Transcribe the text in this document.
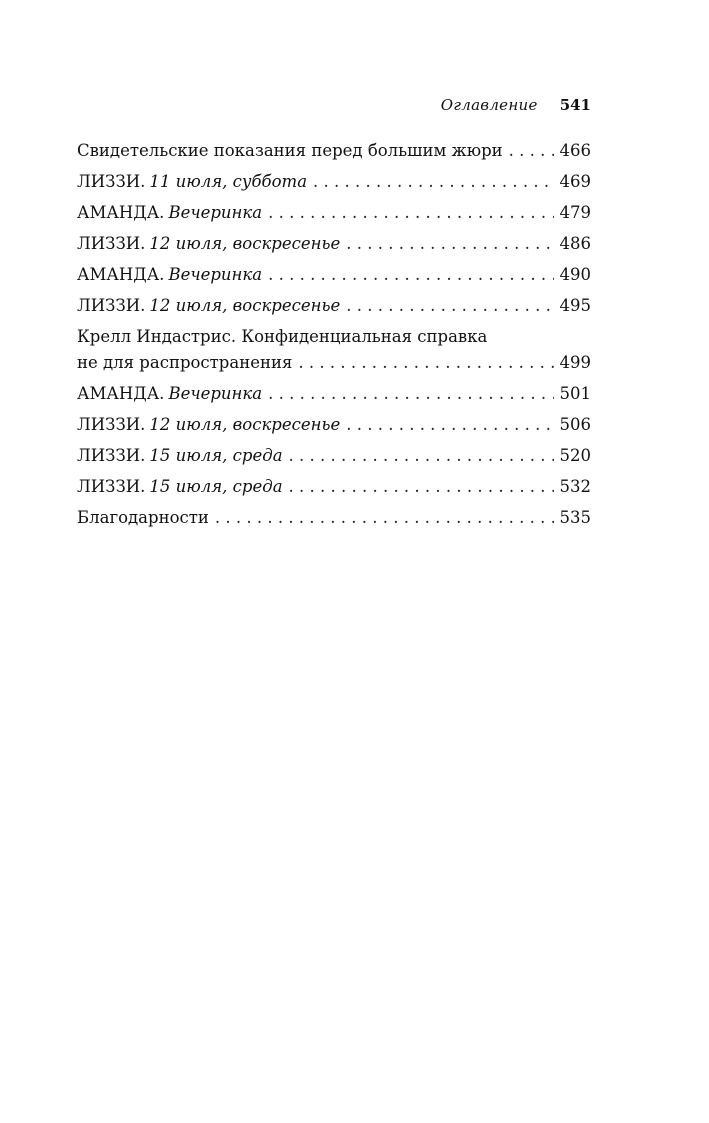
Оглавление 541
Свидетельские показания перед большим жюри . . .	466
ЛИЗЗИ. 11 июля, суббота . . .	469
АМАНДА. Вечеринка . . .	479
ЛИЗЗИ. 12 июля, воскресенье . . .	486
АМАНДА. Вечеринка . . .	490
ЛИЗЗИ. 12 июля, воскресенье . . .	495
Крелл Индастрис. Конфиденциальная справка
не для распространения . . .	499
АМАНДА. Вечеринка . . .	501
ЛИЗЗИ. 12 июля, воскресенье . . .	506
ЛИЗЗИ. 15 июля, среда . . .	520
ЛИЗЗИ. 15 июля, среда . . .	532
Благодарности . . .	535
